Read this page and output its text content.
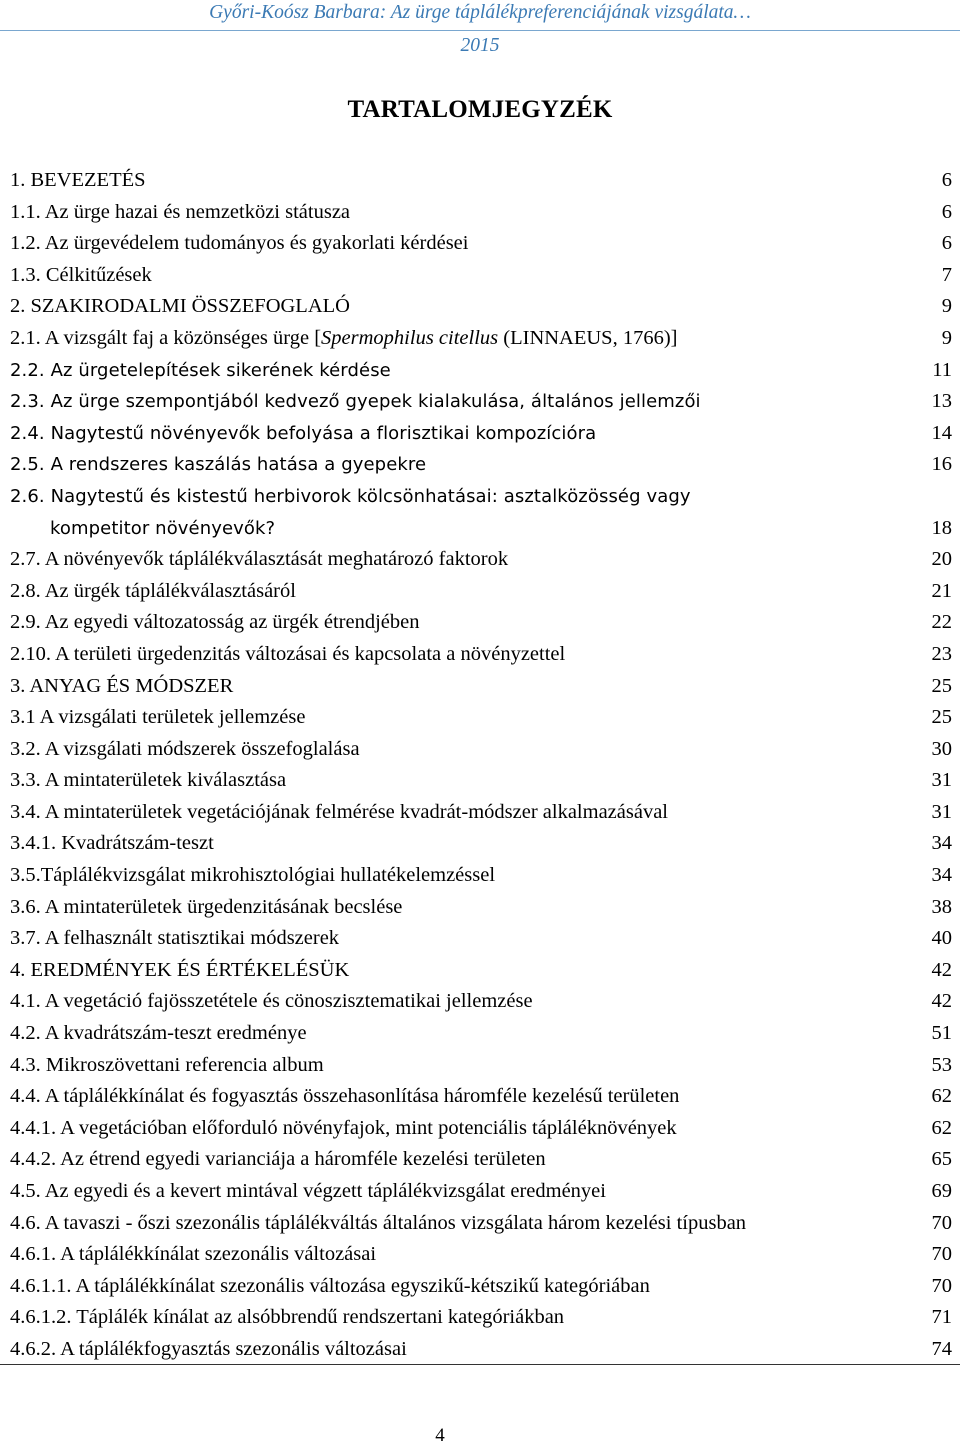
Győri-Koósz Barbara: Az ürge táplálékpreferenciájának vizsgálata…
2015
TARTALOMJEGYZÉK
1. BEVEZETÉS	6
1.1. Az ürge hazai és nemzetközi státusza	6
1.2. Az ürgevédelem tudományos és gyakorlati kérdései	6
1.3. Célkitűzések	7
2. SZAKIRODALMI ÖSSZEFOGLALÓ	9
2.1. A vizsgált faj a közönséges ürge [Spermophilus citellus (LINNAEUS, 1766)]	9
2.2. Az ürgetelepítések sikerének kérdése	11
2.3. Az ürge szempontjából kedvező gyepek kialakulása, általános jellemzői	13
2.4. Nagytestű növényevők befolyása a florisztikai kompozícióra	14
2.5. A rendszeres kaszálás hatása a gyepekre	16
2.6. Nagytestű és kistestű herbivorok kölcsönhatásai: asztalközösség vagy
kompetitor növényevők?	18
2.7. A növényevők táplálékválasztását meghatározó faktorok	20
2.8. Az ürgék táplálékválasztásáról	21
2.9. Az egyedi változatosság az ürgék étrendjében	22
2.10. A területi ürgedenzitás változásai és kapcsolata a növényzettel	23
3. ANYAG ÉS MÓDSZER	25
3.1 A vizsgálati területek jellemzése	25
3.2. A vizsgálati módszerek összefoglalása	30
3.3. A mintaterületek kiválasztása	31
3.4. A mintaterületek vegetációjának felmérése kvadrát-módszer alkalmazásával	31
3.4.1. Kvadrátszám-teszt	34
3.5.Táplálékvizsgálat mikrohisztológiai hullatékelemzéssel	34
3.6. A mintaterületek ürgedenzitásának becslése	38
3.7. A felhasznált statisztikai módszerek	40
4. EREDMÉNYEK ÉS ÉRTÉKELÉSÜK	42
4.1. A vegetáció fajösszetétele és cönoszisztematikai jellemzése	42
4.2. A kvadrátszám-teszt eredménye	51
4.3. Mikroszövettani referencia album	53
4.4. A táplálékkínálat és fogyasztás összehasonlítása háromféle kezelésű területen	62
4.4.1. A vegetációban előforduló növényfajok, mint potenciális tápláléknövények	62
4.4.2. Az étrend egyedi varianciája a háromféle kezelési területen	65
4.5. Az egyedi és a kevert mintával végzett táplálékvizsgálat eredményei	69
4.6. A tavaszi - őszi szezonális táplálékváltás általános vizsgálata három kezelési típusban	70
4.6.1. A táplálékkínálat szezonális változásai	70
4.6.1.1. A táplálékkínálat szezonális változása egyszikű-kétszikű kategóriában	70
4.6.1.2. Táplálék kínálat az alsóbbrendű rendszertani kategóriákban	71
4.6.2. A táplálékfogyasztás szezonális változásai	74
4
